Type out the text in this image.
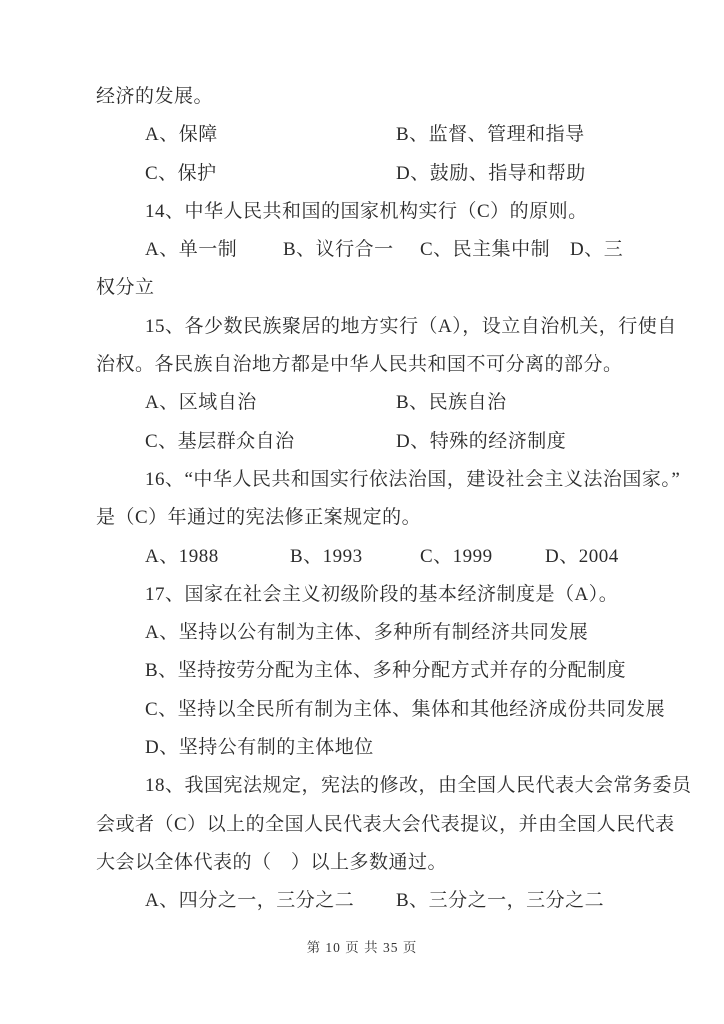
经济的发展。
A、保障	B、监督、管理和指导
C、保护	D、鼓励、指导和帮助
14、中华人民共和国的国家机构实行（C）的原则。
A、单一制 B、议行合一 C、民主集中制 D、三
权分立
15、各少数民族聚居的地方实行（A），设立自治机关，行使自
治权。各民族自治地方都是中华人民共和国不可分离的部分。
A、区域自治	B、民族自治
C、基层群众自治	D、特殊的经济制度
16、“中华人民共和国实行依法治国，建设社会主义法治国家。”
是（C）年通过的宪法修正案规定的。
A、1988	B、1993	C、1999	D、2004
17、国家在社会主义初级阶段的基本经济制度是（A）。
A、坚持以公有制为主体、多种所有制经济共同发展
B、坚持按劳分配为主体、多种分配方式并存的分配制度
C、坚持以全民所有制为主体、集体和其他经济成份共同发展
D、坚持公有制的主体地位
18、我国宪法规定，宪法的修改，由全国人民代表大会常务委员
会或者（C）以上的全国人民代表大会代表提议，并由全国人民代表
大会以全体代表的（　）以上多数通过。
A、四分之一，三分之二 B、三分之一，三分之二
第 10 页 共 35 页
